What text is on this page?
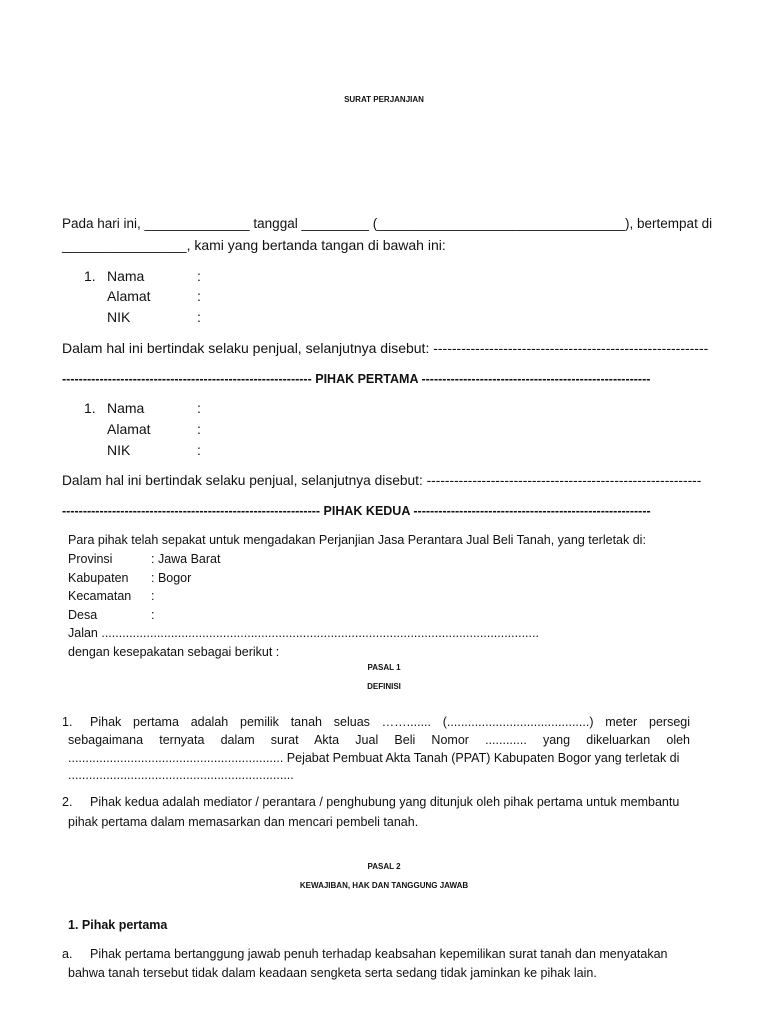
SURAT PERJANJIAN
Pada hari ini, ______________ tanggal _________ (_________________________________), bertempat di
________________, kami yang bertanda tangan di bawah ini:
1. Nama	:
Alamat	:
NIK	:
Dalam hal ini bertindak selaku penjual, selanjutnya disebut: -----------------------------------------------------------
------------------------------------------------------------ PIHAK PERTAMA -------------------------------------------------------
1. Nama	:
Alamat	:
NIK	:
Dalam hal ini bertindak selaku penjual, selanjutnya disebut: ------------------------------------------------------------
-------------------------------------------------------------- PIHAK KEDUA ---------------------------------------------------------
Para pihak telah sepakat untuk mengadakan Perjanjian Jasa Perantara Jual Beli Tanah, yang terletak di:
Provinsi	: Jawa Barat
Kabupaten : Bogor
Kecamatan :
Desa	:
Jalan ..............................................................................................................................
dengan kesepakatan sebagai berikut :
PASAL 1
DEFINISI
1. Pihak pertama adalah pemilik tanah seluas ……....... (.........................................) meter persegi
sebagaimana ternyata dalam surat Akta Jual Beli Nomor ............ yang dikeluarkan oleh
.............................................................. Pejabat Pembuat Akta Tanah (PPAT) Kabupaten Bogor yang terletak di
.................................................................
2. Pihak kedua adalah mediator / perantara / penghubung yang ditunjuk oleh pihak pertama untuk membantu
pihak pertama dalam memasarkan dan mencari pembeli tanah.
PASAL 2
KEWAJIBAN, HAK DAN TANGGUNG JAWAB
1. Pihak pertama
a. Pihak pertama bertanggung jawab penuh terhadap keabsahan kepemilikan surat tanah dan menyatakan
bahwa tanah tersebut tidak dalam keadaan sengketa serta sedang tidak jaminkan ke pihak lain.
